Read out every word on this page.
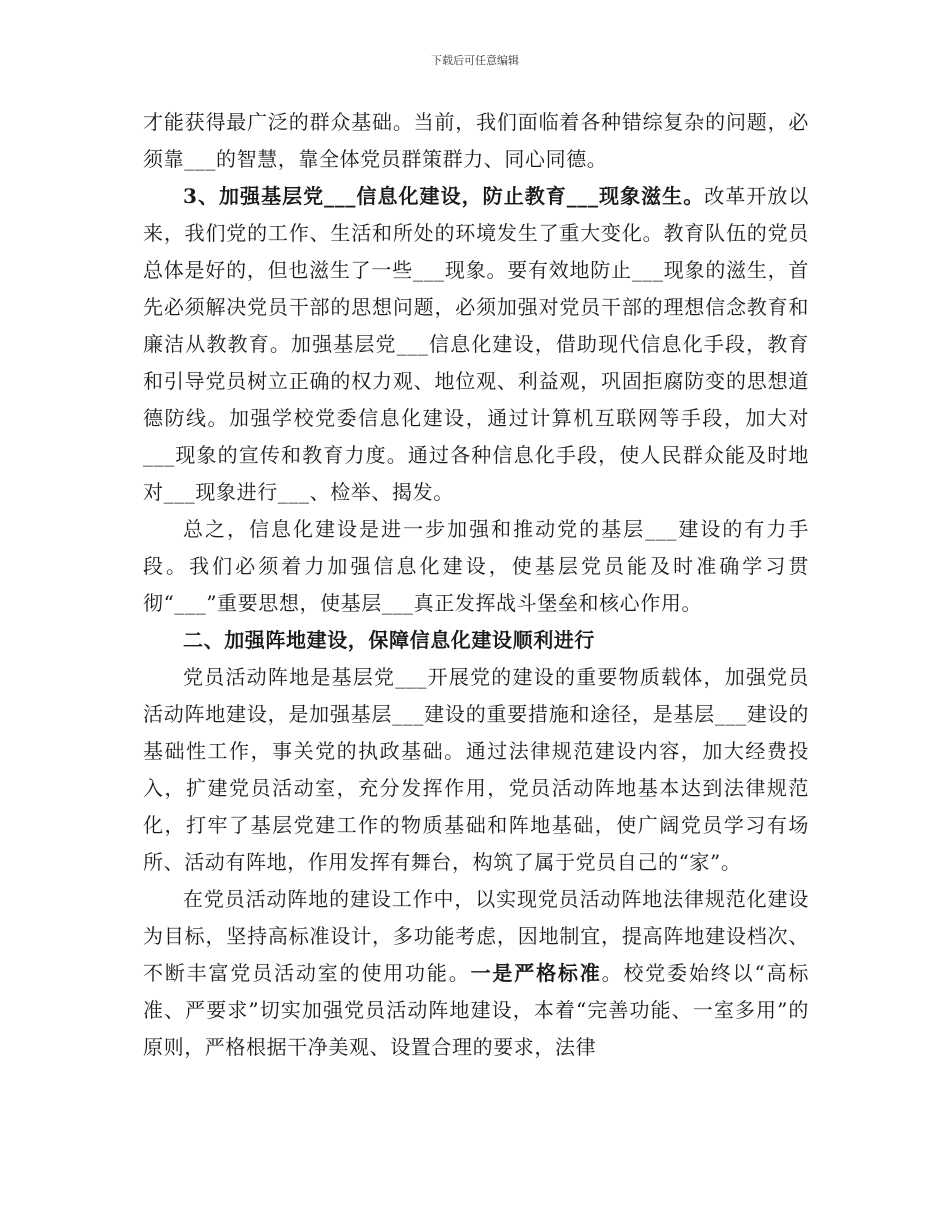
下载后可任意编辑

才能获得最广泛的群众基础。当前，我们面临着各种错综复杂的问题，必须靠___的智慧，靠全体党员群策群力、同心同德。

3、加强基层党___信息化建设，防止教育___现象滋生。改革开放以来，我们党的工作、生活和所处的环境发生了重大变化。教育队伍的党员总体是好的，但也滋生了一些___现象。要有效地防止___现象的滋生，首先必须解决党员干部的思想问题，必须加强对党员干部的理想信念教育和廉洁从教教育。加强基层党___信息化建设，借助现代信息化手段，教育和引导党员树立正确的权力观、地位观、利益观，巩固拒腐防变的思想道德防线。加强学校党委信息化建设，通过计算机互联网等手段，加大对___现象的宣传和教育力度。通过各种信息化手段，使人民群众能及时地对___现象进行___、检举、揭发。

总之，信息化建设是进一步加强和推动党的基层___建设的有力手段。我们必须着力加强信息化建设，使基层党员能及时准确学习贯彻“___”重要思想，使基层___真正发挥战斗堡垒和核心作用。

二、加强阵地建设，保障信息化建设顺利进行

党员活动阵地是基层党___开展党的建设的重要物质载体，加强党员活动阵地建设，是加强基层___建设的重要措施和途径，是基层___建设的基础性工作，事关党的执政基础。通过法律规范建设内容，加大经费投入，扩建党员活动室，充分发挥作用，党员活动阵地基本达到法律规范化，打牢了基层党建工作的物质基础和阵地基础，使广阔党员学习有场所、活动有阵地，作用发挥有舞台，构筑了属于党员自己的“家”。

在党员活动阵地的建设工作中，以实现党员活动阵地法律规范化建设为目标，坚持高标准设计，多功能考虑，因地制宜，提高阵地建设档次、不断丰富党员活动室的使用功能。一是严格标准。校党委始终以“高标准、严要求”切实加强党员活动阵地建设，本着“完善功能、一室多用”的原则，严格根据干净美观、设置合理的要求，法律
